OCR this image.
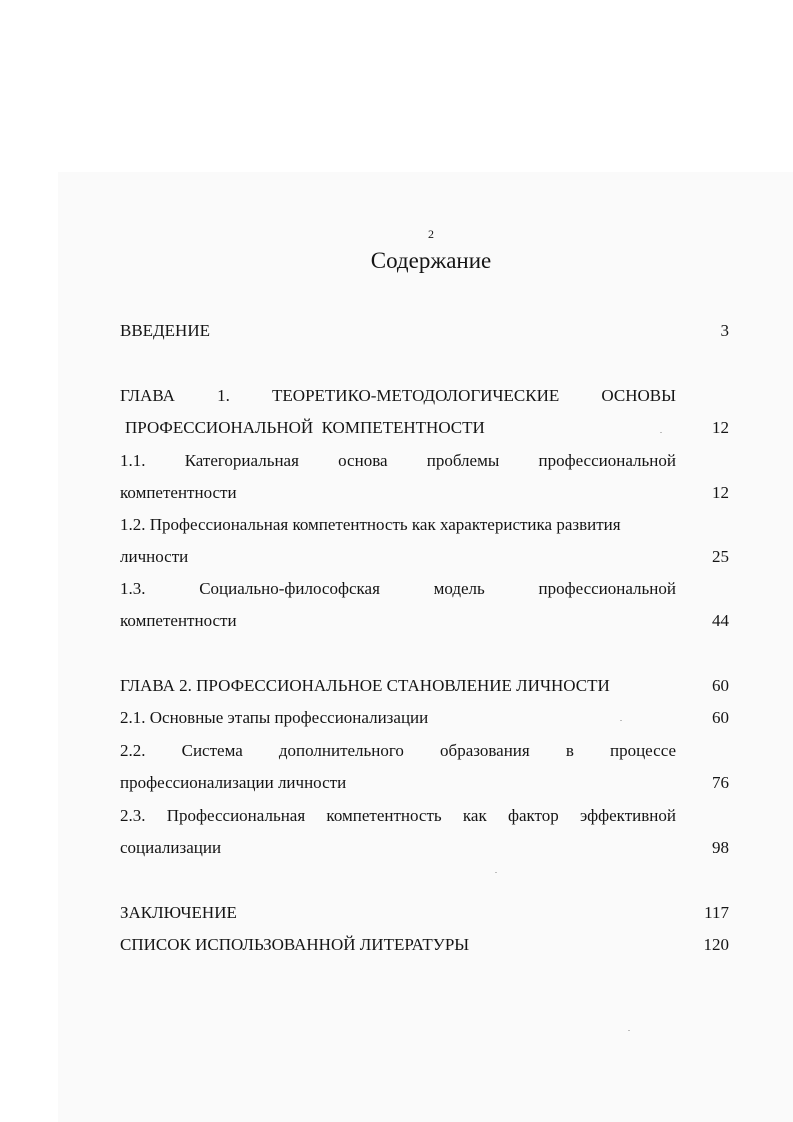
2
Содержание
ВВЕДЕНИЕ	3
ГЛАВА 1. ТЕОРЕТИКО-МЕТОДОЛОГИЧЕСКИЕ ОСНОВЫ
ПРОФЕССИОНАЛЬНОЙ  КОМПЕТЕНТНОСТИ	12
1.1. Категориальная основа проблемы профессиональной
компетентности	12
1.2. Профессиональная компетентность как характеристика развития
личности	25
1.3.	Социально-философская	модель	профессиональной
компетентности	44
ГЛАВА 2. ПРОФЕССИОНАЛЬНОЕ СТАНОВЛЕНИЕ ЛИЧНОСТИ	60
2.1. Основные этапы профессионализации	60
2.2. Система дополнительного образования в процессе
профессионализации личности	76
2.3. Профессиональная компетентность как фактор эффективной
социализации	98
ЗАКЛЮЧЕНИЕ	117
СПИСОК ИСПОЛЬЗОВАННОЙ ЛИТЕРАТУРЫ	120
